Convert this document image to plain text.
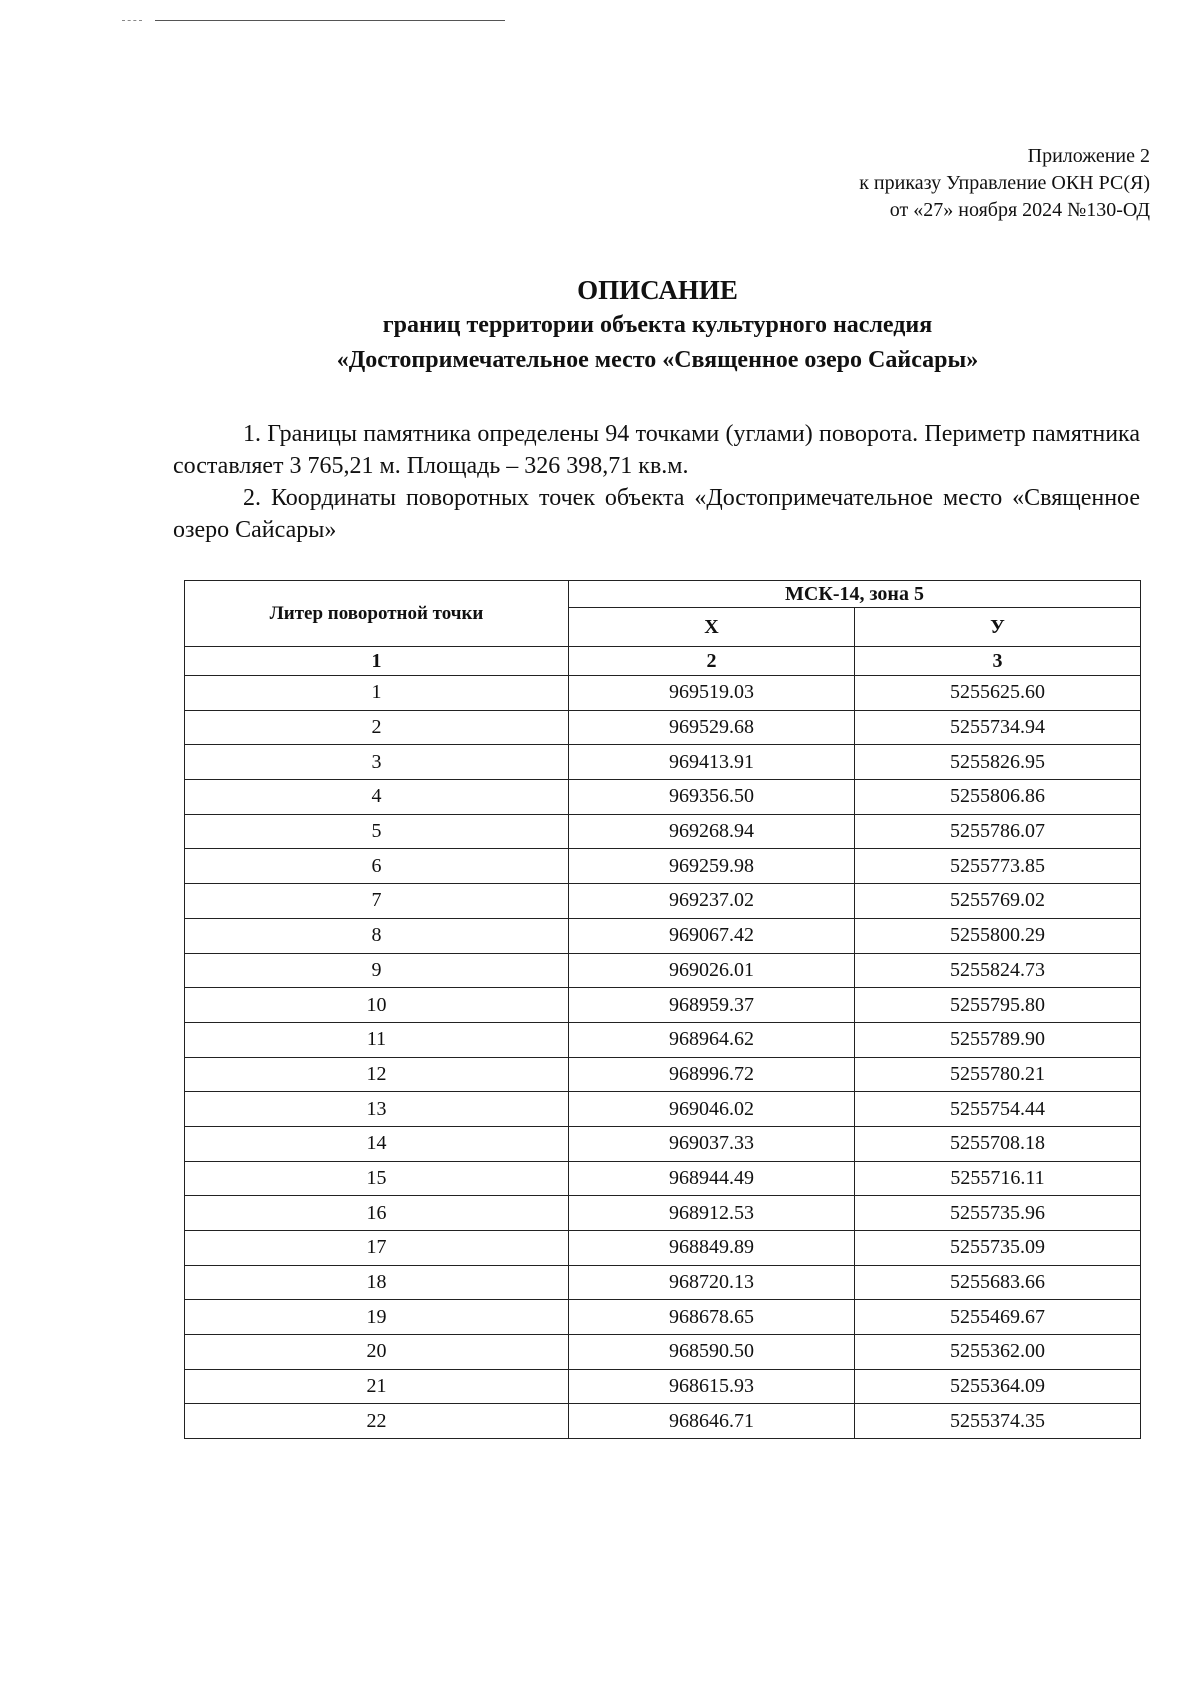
Приложение 2
к приказу Управление ОКН РС(Я)
от «27» ноября 2024 №130-ОД
ОПИСАНИЕ
границ территории объекта культурного наследия
«Достопримечательное место «Священное озеро Сайсары»

1. Границы памятника определены 94 точками (углами) поворота. Периметр памятника составляет 3 765,21 м. Площадь – 326 398,71 кв.м.

2. Координаты поворотных точек объекта «Достопримечательное место «Священное озеро Сайсары»

Литер поворотной точки	МСК-14, зона 5	
	Х	У
1	2	3
1	969519.03	5255625.60
2	969529.68	5255734.94
3	969413.91	5255826.95
4	969356.50	5255806.86
5	969268.94	5255786.07
6	969259.98	5255773.85
7	969237.02	5255769.02
8	969067.42	5255800.29
9	969026.01	5255824.73
10	968959.37	5255795.80
11	968964.62	5255789.90
12	968996.72	5255780.21
13	969046.02	5255754.44
14	969037.33	5255708.18
15	968944.49	5255716.11
16	968912.53	5255735.96
17	968849.89	5255735.09
18	968720.13	5255683.66
19	968678.65	5255469.67
20	968590.50	5255362.00
21	968615.93	5255364.09
22	968646.71	5255374.35
